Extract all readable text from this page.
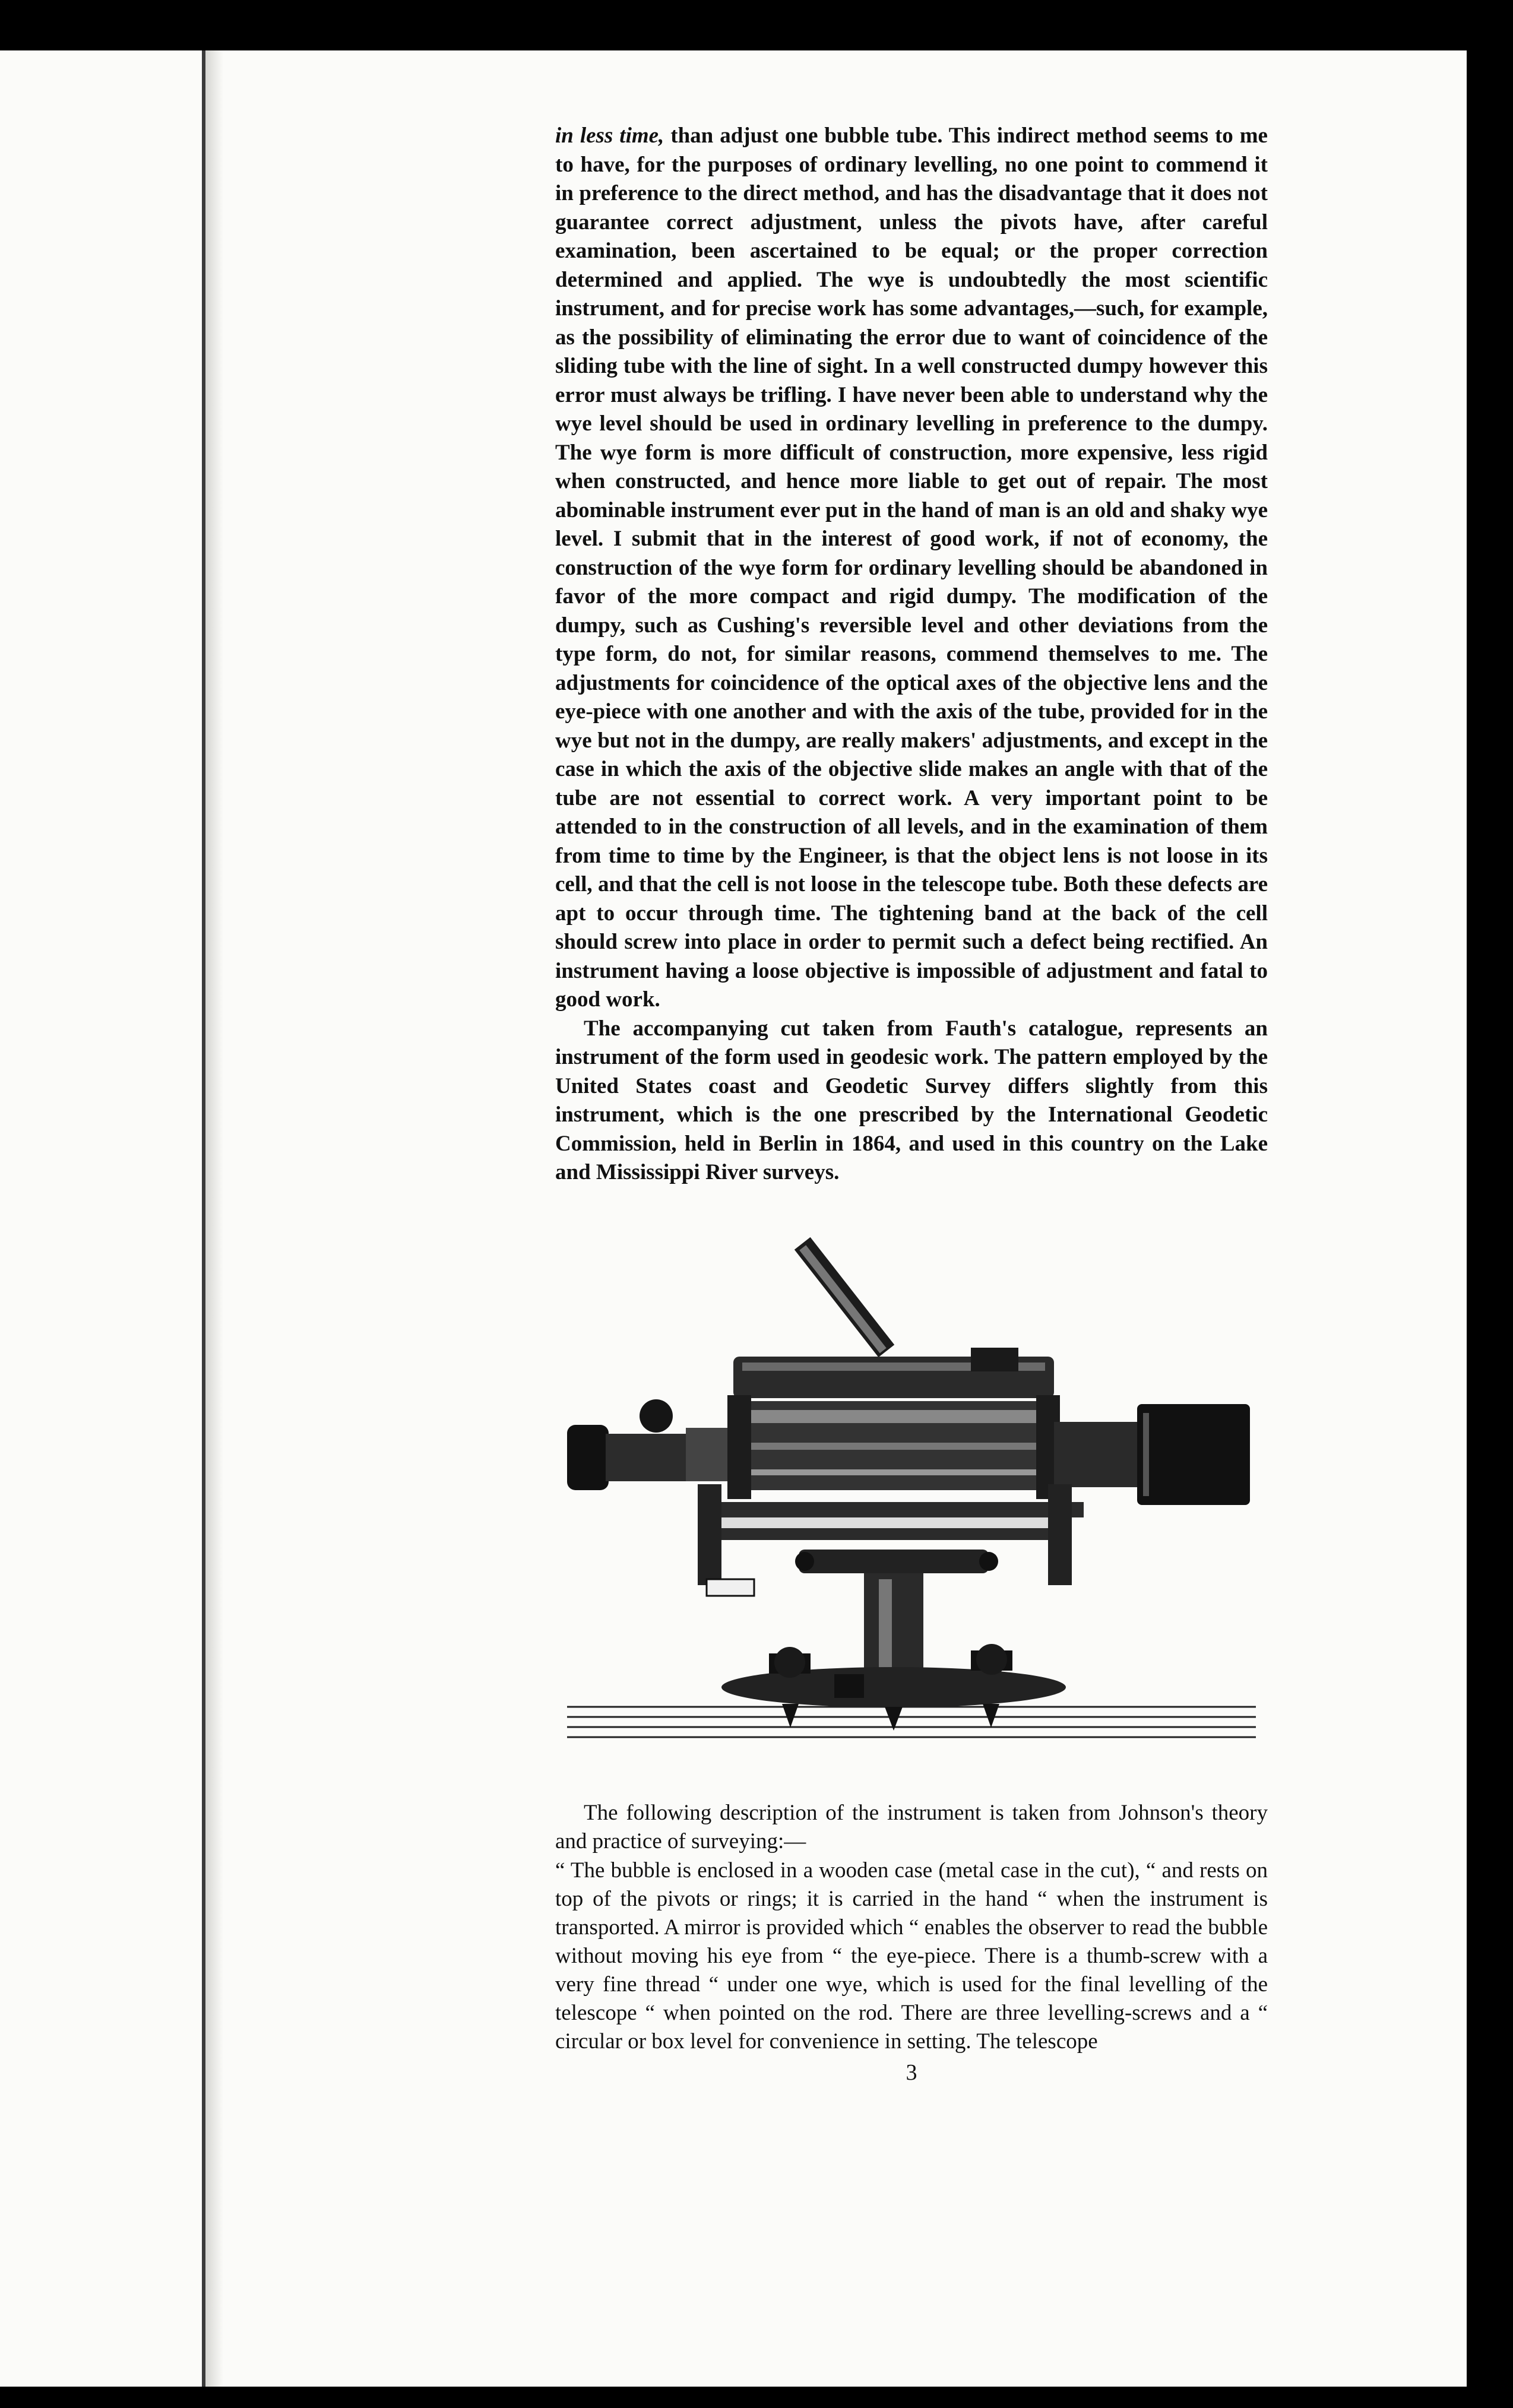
in less time, than adjust one bubble tube. This indirect method seems to me to have, for the purposes of ordinary levelling, no one point to commend it in preference to the direct method, and has the disadvantage that it does not guarantee correct adjustment, unless the pivots have, after careful examination, been ascertained to be equal; or the proper correction determined and applied. The wye is undoubtedly the most scientific instrument, and for precise work has some advantages,—such, for example, as the possibility of eliminating the error due to want of coincidence of the sliding tube with the line of sight. In a well constructed dumpy however this error must always be trifling. I have never been able to understand why the wye level should be used in ordinary levelling in preference to the dumpy. The wye form is more difficult of construction, more expensive, less rigid when constructed, and hence more liable to get out of repair. The most abominable instrument ever put in the hand of man is an old and shaky wye level. I submit that in the interest of good work, if not of economy, the construction of the wye form for ordinary levelling should be abandoned in favor of the more compact and rigid dumpy. The modification of the dumpy, such as Cushing's reversible level and other deviations from the type form, do not, for similar reasons, commend themselves to me. The adjustments for coincidence of the optical axes of the objective lens and the eye-piece with one another and with the axis of the tube, provided for in the wye but not in the dumpy, are really makers' adjustments, and except in the case in which the axis of the objective slide makes an angle with that of the tube are not essential to correct work. A very important point to be attended to in the construction of all levels, and in the examination of them from time to time by the Engineer, is that the object lens is not loose in its cell, and that the cell is not loose in the telescope tube. Both these defects are apt to occur through time. The tightening band at the back of the cell should screw into place in order to permit such a defect being rectified. An instrument having a loose objective is impossible of adjustment and fatal to good work.

The accompanying cut taken from Fauth's catalogue, represents an instrument of the form used in geodesic work. The pattern employed by the United States coast and Geodetic Survey differs slightly from this instrument, which is the one prescribed by the International Geodetic Commission, held in Berlin in 1864, and used in this country on the Lake and Mississippi River surveys.

The following description of the instrument is taken from Johnson's theory and practice of surveying:—

“ The bubble is enclosed in a wooden case (metal case in the cut), “ and rests on top of the pivots or rings; it is carried in the hand “ when the instrument is transported. A mirror is provided which “ enables the observer to read the bubble without moving his eye from “ the eye-piece. There is a thumb-screw with a very fine thread “ under one wye, which is used for the final levelling of the telescope “ when pointed on the rod. There are three levelling-screws and a “ circular or box level for convenience in setting. The telescope

3
